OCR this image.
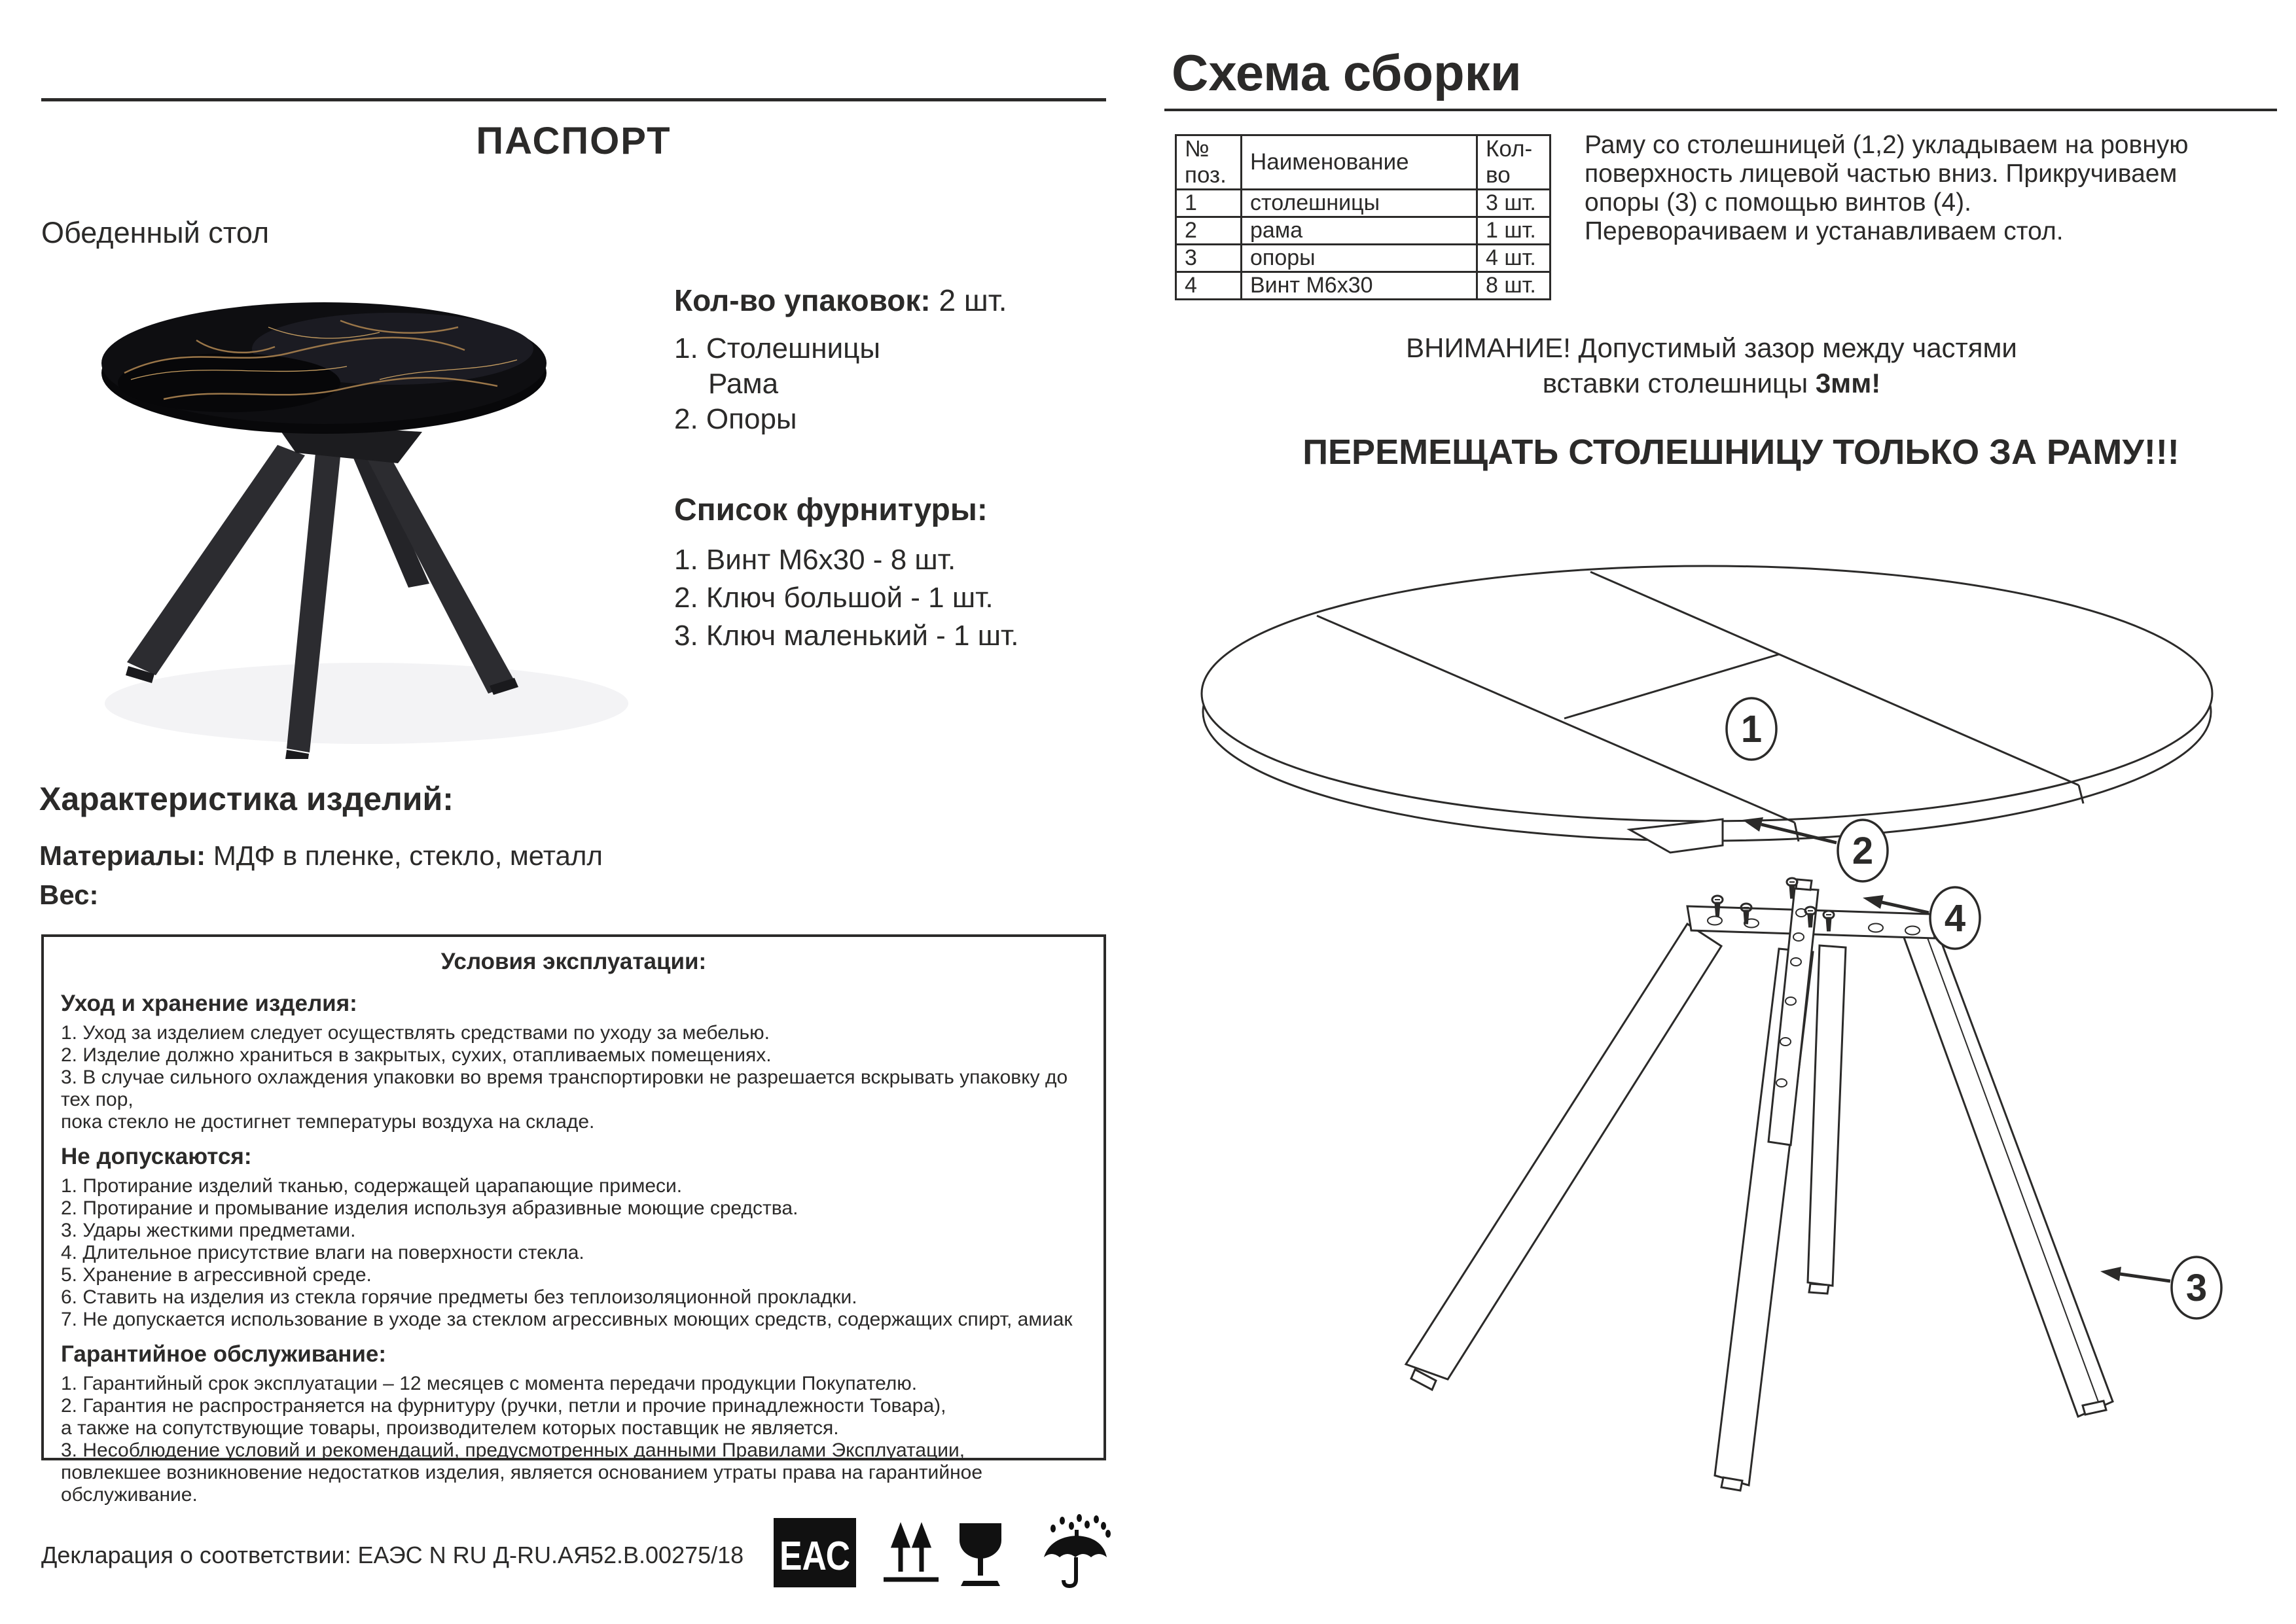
ПАСПОРТ
Обеденный стол
Кол-во упаковок: 2 шт.
1. Столешницы
Рама
2. Опоры
Список фурнитуры:
1. Винт М6х30 - 8 шт.
2. Ключ большой - 1 шт.
3. Ключ маленький - 1 шт.
Характеристика изделий:
Материалы: МДФ в пленке, стекло, металл
Вес:
Условия эксплуатации:
Уход и хранение изделия:
1. Уход за изделием следует осуществлять средствами по уходу за мебелью.
2. Изделие должно храниться в закрытых, сухих, отапливаемых помещениях.
3. В случае сильного охлаждения упаковки во время транспортировки не разрешается вскрывать упаковку до тех пор,
пока стекло не достигнет температуры воздуха на складе.
Не допускаются:
1. Протирание изделий тканью, содержащей царапающие примеси.
2. Протирание и промывание изделия используя абразивные моющие средства.
3. Удары жесткими предметами.
4. Длительное присутствие влаги на поверхности стекла.
5. Хранение в агрессивной среде.
6. Ставить на изделия из стекла горячие предметы без теплоизоляционной прокладки.
7. Не допускается использование в уходе за стеклом агрессивных моющих средств, содержащих спирт, амиак
Гарантийное обслуживание:
1. Гарантийный срок эксплуатации – 12 месяцев с момента передачи продукции Покупателю.
2. Гарантия не распространяется на фурнитуру (ручки, петли и прочие принадлежности Товара),
а также на сопутствующие товары, производителем которых поставщик не является.
3. Несоблюдение условий и рекомендаций, предусмотренных данными Правилами Эксплуатации,
повлекшее возникновение недостатков изделия, является основанием утраты права на гарантийное обслуживание.
Декларация о соответствии: ЕАЭС N RU Д-RU.АЯ52.В.00275/18 ЕАС
Схема сборки
№ поз.	Наименование	Кол-во
1	столешницы	3 шт.
2	рама	1 шт.
3	опоры	4 шт.
4	Винт М6х30	8 шт.
Раму со столешницей (1,2) укладываем на ровную
поверхность лицевой частью вниз. Прикручиваем
опоры (3) с помощью винтов (4).
Переворачиваем и устанавливаем стол.
ВНИМАНИЕ! Допустимый зазор между частями
вставки столешницы 3мм!
ПЕРЕМЕЩАТЬ СТОЛЕШНИЦУ ТОЛЬКО ЗА РАМУ!!!
1
2
4
3
